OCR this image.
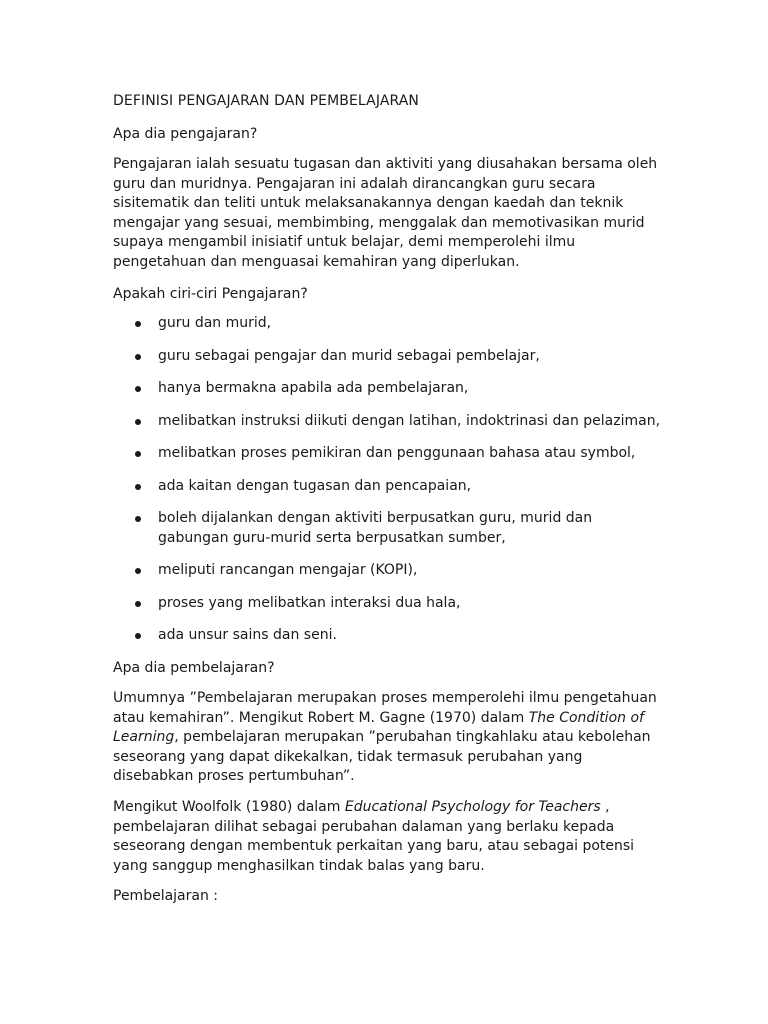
DEFINISI PENGAJARAN DAN PEMBELAJARAN

Apa dia pengajaran?

Pengajaran ialah sesuatu tugasan dan aktiviti yang diusahakan bersama oleh
guru dan muridnya. Pengajaran ini adalah dirancangkan guru secara
sisitematik dan teliti untuk melaksanakannya dengan kaedah dan teknik
mengajar yang sesuai, membimbing, menggalak dan memotivasikan murid
supaya mengambil inisiatif untuk belajar, demi memperolehi ilmu
pengetahuan dan menguasai kemahiran yang diperlukan.

Apakah ciri-ciri Pengajaran?

guru dan murid,
guru sebagai pengajar dan murid sebagai pembelajar,
hanya bermakna apabila ada pembelajaran,
melibatkan instruksi diikuti dengan latihan, indoktrinasi dan pelaziman,
melibatkan proses pemikiran dan penggunaan bahasa atau symbol,
ada kaitan dengan tugasan dan pencapaian,
boleh dijalankan dengan aktiviti berpusatkan guru, murid dan
gabungan guru-murid serta berpusatkan sumber,
meliputi rancangan mengajar (KOPI),
proses yang melibatkan interaksi dua hala,
ada unsur sains dan seni.

Apa dia pembelajaran?

Umumnya ”Pembelajaran merupakan proses memperolehi ilmu pengetahuan
atau kemahiran”. Mengikut Robert M. Gagne (1970) dalam The Condition of
Learning, pembelajaran merupakan ”perubahan tingkahlaku atau kebolehan
seseorang yang dapat dikekalkan, tidak termasuk perubahan yang
disebabkan proses pertumbuhan”.
Mengikut Woolfolk (1980) dalam Educational Psychology for Teachers ,
pembelajaran dilihat sebagai perubahan dalaman yang berlaku kepada
seseorang dengan membentuk perkaitan yang baru, atau sebagai potensi
yang sanggup menghasilkan tindak balas yang baru.

Pembelajaran :
